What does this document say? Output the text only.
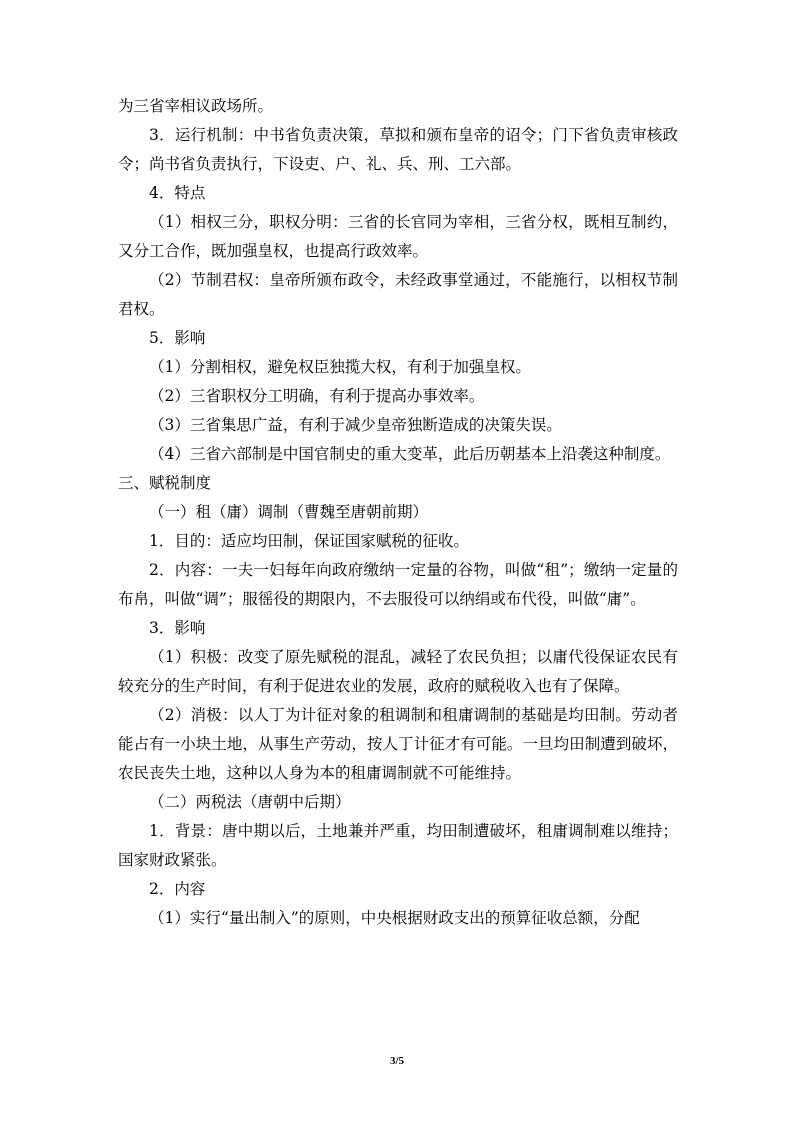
为三省宰相议政场所。

3．运行机制：中书省负责决策，草拟和颁布皇帝的诏令；门下省负责审核政令；尚书省负责执行，下设吏、户、礼、兵、刑、工六部。

4．特点

（1）相权三分，职权分明：三省的长官同为宰相，三省分权，既相互制约，又分工合作，既加强皇权，也提高行政效率。

（2）节制君权：皇帝所颁布政令，未经政事堂通过，不能施行，以相权节制君权。

5．影响

（1）分割相权，避免权臣独揽大权，有利于加强皇权。

（2）三省职权分工明确，有利于提高办事效率。

（3）三省集思广益，有利于减少皇帝独断造成的决策失误。

（4）三省六部制是中国官制史的重大变革，此后历朝基本上沿袭这种制度。

三、赋税制度

（一）租（庸）调制（曹魏至唐朝前期）

1．目的：适应均田制，保证国家赋税的征收。

2．内容：一夫一妇每年向政府缴纳一定量的谷物，叫做“租”；缴纳一定量的布帛，叫做“调”；服徭役的期限内，不去服役可以纳绢或布代役，叫做“庸”。

3．影响

（1）积极：改变了原先赋税的混乱，减轻了农民负担；以庸代役保证农民有较充分的生产时间，有利于促进农业的发展，政府的赋税收入也有了保障。

（2）消极：以人丁为计征对象的租调制和租庸调制的基础是均田制。劳动者能占有一小块土地，从事生产劳动，按人丁计征才有可能。一旦均田制遭到破坏，农民丧失土地，这种以人身为本的租庸调制就不可能维持。

（二）两税法（唐朝中后期）

1．背景：唐中期以后，土地兼并严重，均田制遭破坏，租庸调制难以维持；国家财政紧张。

2．内容

（1）实行“量出制入”的原则，中央根据财政支出的预算征收总额，分配

3/5
